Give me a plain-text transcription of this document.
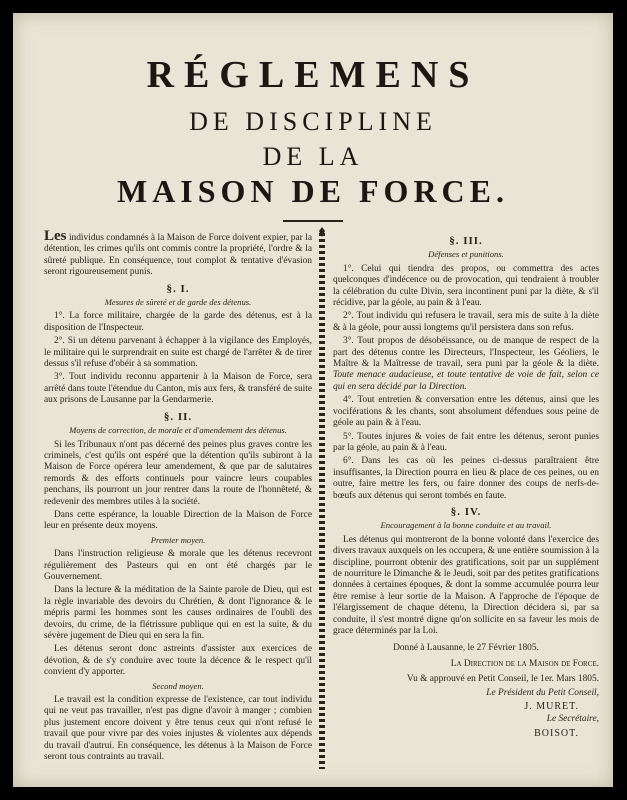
RÉGLEMENS
DE DISCIPLINE
DE LA
MAISON DE FORCE.

Les individus condamnés à la Maison de Force doivent expier, par la détention, les crimes qu'ils ont commis contre la propriété, l'ordre & la sûreté publique. En conséquence, tout complot & tentative d'évasion seront rigoureusement punis.

§. I.
Mesures de sûreté et de garde des détenus.

1°. La force militaire, chargée de la garde des détenus, est à la disposition de l'Inspecteur.

2°. Si un détenu parvenant à échapper à la vigilance des Employés, le militaire qui le surprendrait en suite est chargé de l'arrêter & de tirer dessus s'il refuse d'obéir à sa sommation.

3°. Tout individu reconnu appartenir à la Maison de Force, sera arrêté dans toute l'étendue du Canton, mis aux fers, & transféré de suite aux prisons de Lausanne par la Gendarmerie.

§. II.
Moyens de correction, de morale et d'amendement des détenus.

Si les Tribunaux n'ont pas décerné des peines plus graves contre les criminels, c'est qu'ils ont espéré que la détention qu'ils subiront à la Maison de Force opérera leur amendement, & que par de salutaires remords & des efforts continuels pour vaincre leurs coupables penchans, ils pourront un jour rentrer dans la route de l'honnêteté, & redevenir des membres utiles à la société.

Dans cette espérance, la louable Direction de la Maison de Force leur en présente deux moyens.

Premier moyen.

Dans l'instruction religieuse & morale que les détenus recevront régulièrement des Pasteurs qui en ont été chargés par le Gouvernement.

Dans la lecture & la méditation de la Sainte parole de Dieu, qui est la règle invariable des devoirs du Chrétien, & dont l'ignorance & le mépris parmi les hommes sont les causes ordinaires de l'oubli des devoirs, du crime, de la flétrissure publique qui en est la suite, & du sévère jugement de Dieu qui en sera la fin.

Les détenus seront donc astreints d'assister aux exercices de dévotion, & de s'y conduire avec toute la décence & le respect qu'il convient d'y apporter.

Second moyen.

Le travail est la condition expresse de l'existence, car tout individu qui ne veut pas travailler, n'est pas digne d'avoir à manger ; combien plus justement encore doivent y être tenus ceux qui n'ont refusé le travail que pour vivre par des voies injustes & violentes aux dépends du travail d'autrui. En conséquence, les détenus à la Maison de Force seront tous contraints au travail.

§. III.
Défenses et punitions.

1°. Celui qui tiendra des propos, ou commettra des actes quelconques d'indécence ou de provocation, qui tendraient à troubler la célébration du culte Divin, sera incontinent puni par la diète, & s'il récidive, par la géole, au pain & à l'eau.

2°. Tout individu qui refusera le travail, sera mis de suite à la diète & à la géole, pour aussi longtems qu'il persistera dans son refus.

3°. Tout propos de désobéissance, ou de manque de respect de la part des détenus contre les Directeurs, l'Inspecteur, les Géoliers, le Maître & la Maîtresse de travail, sera puni par la géole & la diète. Toute menace audacieuse, et toute tentative de voie de fait, selon ce qui en sera décidé par la Direction.

4°. Tout entretien & conversation entre les détenus, ainsi que les vociférations & les chants, sont absolument défendues sous peine de géole au pain & à l'eau.

5°. Toutes injures & voies de fait entre les détenus, seront punies par la géole, au pain & à l'eau.

6°. Dans les cas où les peines ci-dessus paraîtraient être insuffisantes, la Direction pourra en lieu & place de ces peines, ou en outre, faire mettre les fers, ou faire donner des coups de nerfs-de-bœufs aux détenus qui seront tombés en faute.

§. IV.
Encouragement à la bonne conduite et au travail.

Les détenus qui montreront de la bonne volonté dans l'exercice des divers travaux auxquels on les occupera, & une entière soumission à la discipline, pourront obtenir des gratifications, soit par un supplément de nourriture le Dimanche & le Jeudi, soit par des petites gratifications données à certaines époques, & dont la somme accumulée pourra leur être remise à leur sortie de la Maison. A l'approche de l'époque de l'élargissement de chaque détenu, la Direction décidera si, par sa conduite, il s'est montré digne qu'on sollicite en sa faveur les mois de grace déterminés par la Loi.

Donné à Lausanne, le 27 Février 1805.

La Direction de la Maison de Force.

Vu & approuvé en Petit Conseil, le 1er. Mars 1805.

Le Président du Petit Conseil,

J. MURET.

Le Secrétaire,

BOISOT.
